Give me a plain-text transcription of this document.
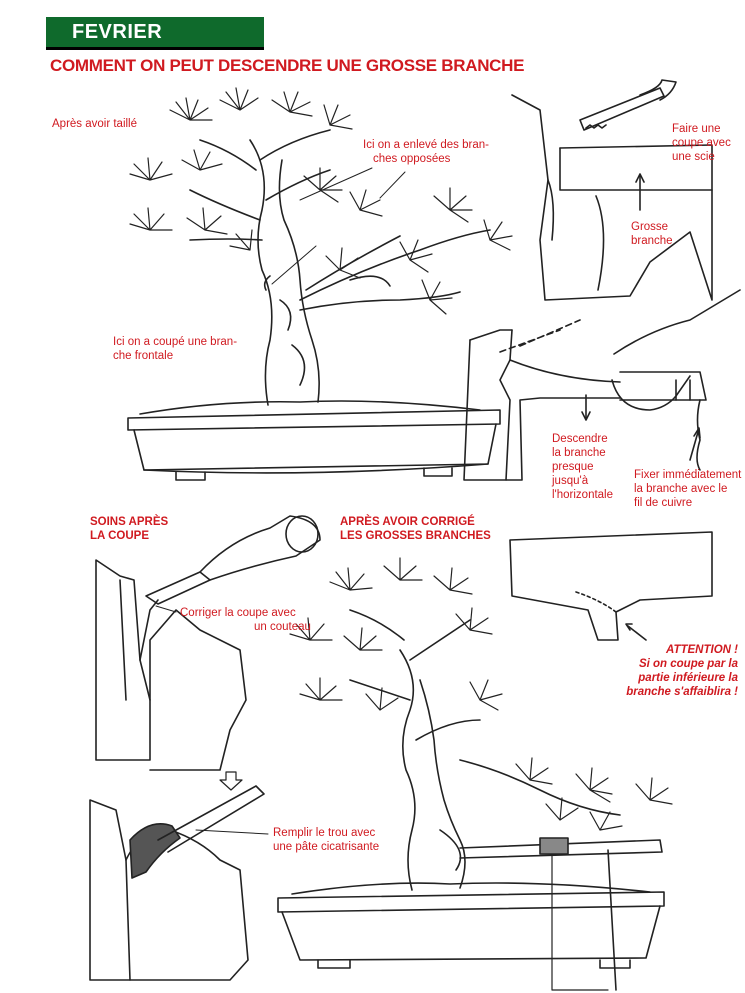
FEVRIER
COMMENT ON PEUT DESCENDRE UNE GROSSE BRANCHE
Après avoir taillé
Ici on a enlevé des bran-
ches opposées
Ici on a coupé une bran-
che frontale
Faire une coupe avec
une scie
Grosse
branche
Descendre
la branche
presque
jusqu'à
l'horizontale
Fixer immédiatement
la branche avec le
fil de cuivre
SOINS APRÈS
LA COUPE
APRÈS AVOIR CORRIGÉ
LES GROSSES BRANCHES
Corriger la coupe avec
un couteau
ATTENTION !
Si on coupe par la
partie inférieure la
branche s'affaiblira !
Remplir le trou avec
une pâte cicatrisante
